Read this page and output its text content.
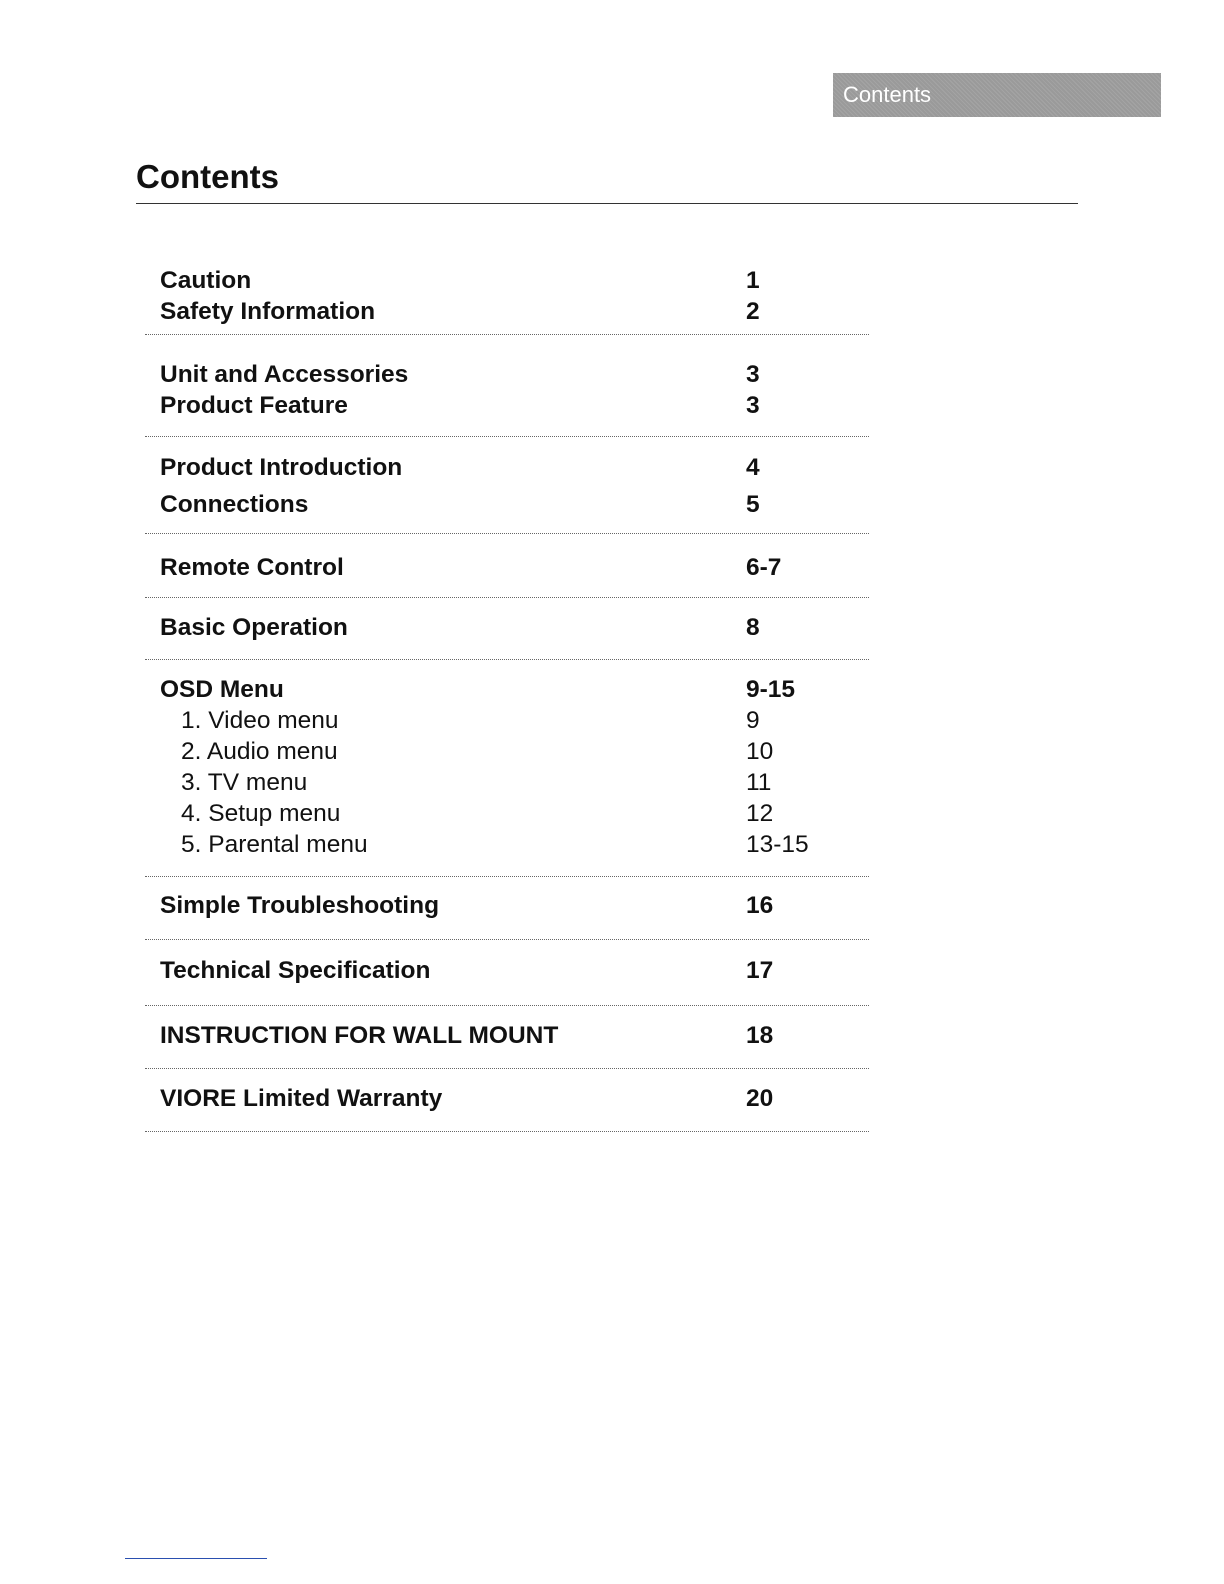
Contents
Contents
Caution	1
Safety Information	2
Unit and Accessories	3
Product Feature	3
Product Introduction	4
Connections	5
Remote Control	6-7
Basic Operation	8
OSD Menu	9-15
1. Video menu	9
2. Audio menu	10
3. TV menu	11
4. Setup menu	12
5. Parental menu	13-15
Simple Troubleshooting	16
Technical Specification	17
INSTRUCTION FOR WALL MOUNT	18
VIORE Limited Warranty	20
